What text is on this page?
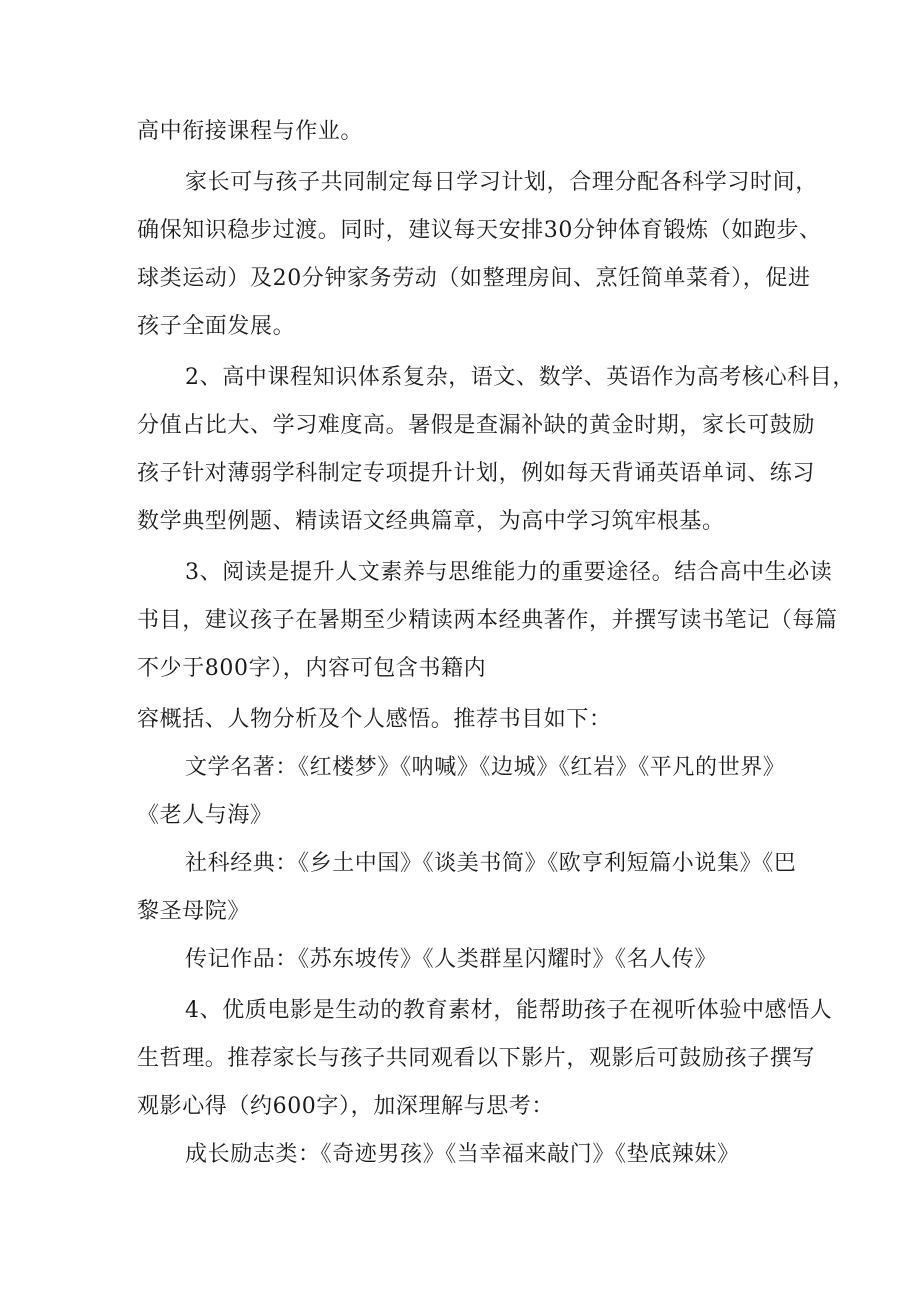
高中衔接课程与作业。

家长可与孩子共同制定每日学习计划，合理分配各科学习时间，

确保知识稳步过渡。同时，建议每天安排30分钟体育锻炼（如跑步、

球类运动）及20分钟家务劳动（如整理房间、烹饪简单菜肴），促进

孩子全面发展。

2、高中课程知识体系复杂，语文、数学、英语作为高考核心科目，

分值占比大、学习难度高。暑假是查漏补缺的黄金时期，家长可鼓励

孩子针对薄弱学科制定专项提升计划，例如每天背诵英语单词、练习

数学典型例题、精读语文经典篇章，为高中学习筑牢根基。

3、阅读是提升人文素养与思维能力的重要途径。结合高中生必读

书目，建议孩子在暑期至少精读两本经典著作，并撰写读书笔记（每篇

不少于800字），内容可包含书籍内

容概括、人物分析及个人感悟。推荐书目如下：

文学名著：《红楼梦》《呐喊》《边城》《红岩》《平凡的世界》

《老人与海》

社科经典：《乡土中国》《谈美书简》《欧亨利短篇小说集》《巴

黎圣母院》

传记作品：《苏东坡传》《人类群星闪耀时》《名人传》

4、优质电影是生动的教育素材，能帮助孩子在视听体验中感悟人

生哲理。推荐家长与孩子共同观看以下影片，观影后可鼓励孩子撰写

观影心得（约600字），加深理解与思考：

成长励志类：《奇迹男孩》《当幸福来敲门》《垫底辣妹》
